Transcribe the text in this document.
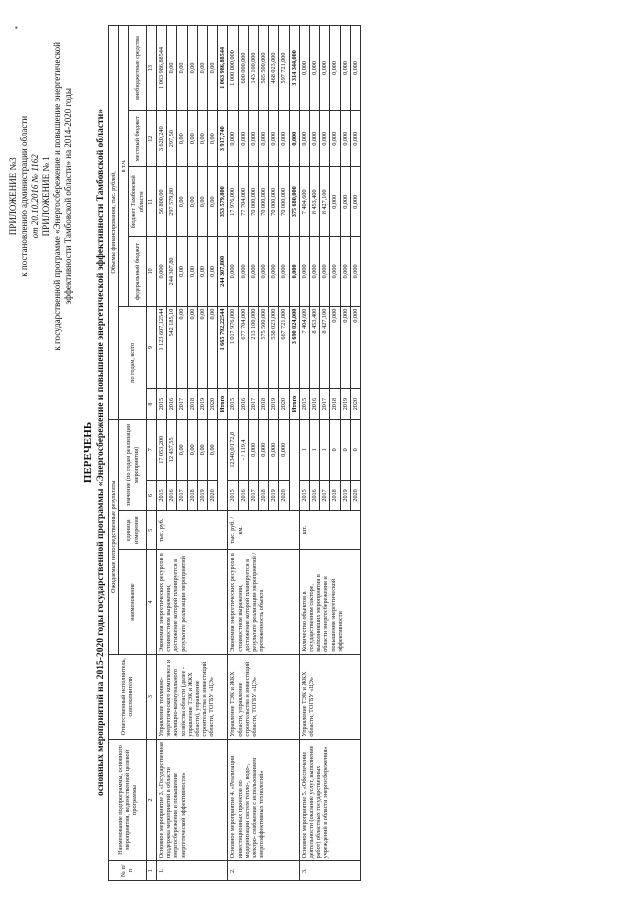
*
ПРИЛОЖЕНИЕ №3 к постановлению администрации области от 20.10.2016 № 1162 ПРИЛОЖЕНИЕ № 1 к государственной программе «Энергосбережение и повышение энергетической эффективности Тамбовской области» на 2014-2020 годы
ПЕРЕЧЕНЬ основных мероприятий на 2015-2020 годы государственной программы «Энергосбережение и повышение энергетической эффективности Тамбовской области»
№ п/п	Наименование подпрограммы, основного мероприятия, ведомственной целевой программы	Ответственный исполнитель, соисполнители	Ожидаемые непосредственные результаты				Объемы финансирования, тыс. рублей,					
			наименование	единица измерения	значение (по годам реализации мероприятия)		по годам, всего		в т.ч.			
									федеральный бюджет	бюджет Тамбовской области	местный бюджет	внебюджетные средства
1	2	3	4	5	6	7	8	9	10	11	12	13
1.	Основное мероприятие 3. «Государственная поддержка мероприятий в области энергосбережения и повышения энергетической эффективности»	Управление топливно-энергетического комплекса и жилищно-коммунального хозяйства области (далее - управление ТЭК и ЖКХ области), управление строительства и инвестиций области, ТОГБУ «ЦЭ»	Экономия энергетических ресурсов в стоимостном выражении, достижение которой планируется в результате реализации мероприятий	тыс. руб.	2015	17 053,200	2015	1 123 607,12544	0,000	56 800,00	3 620,240	1 063 986,88544
					2016	12 437,55	2016	542 185,10	244 307,80	297 579,80	297,50	0,00
					2017	0,00	2017	0,00	0,00	0,00	0,00	0,00
					2018	0,00	2018	0,00	0,00	0,00	0,00	0,00
					2019	0,00	2019	0,00	0,00	0,00	0,00	0,00
					2020	0,00	2020	0,00	0,00	0,00	0,00	0,00
							Итого	1 665 792,22544	244 307,800	353 579,800	3 917,740	1 063 986,88544
2.	Основное мероприятие 4. «Реализация инвестиционных проектов по модернизации систем тепло-, водо-, электро- снабжения с использованием энергоэффективных технологий»	Управление ТЭК и ЖКХ области, управление строительства и инвестиций области, ТОГБУ «ЦЭ»	Экономия энергетических ресурсов в стоимостном выражении, достижение которой планируется в результате реализации мероприятий / протяженность объекта	тыс. руб. /км.	2015	12340,0/172,8	2015	1 017 976,000	0,000	17 976,000	0,000	1 000 000,000
					2016	- / 119,4	2016	677 704,000	0,000	77 704,000	0,000	600 000,000
					2017	0,000	2017	213 100,000	0,000	70 000,000	0,000	143 100,000
					2018	0,000	2018	575 500,000	0,000	70 000,000	0,000	505 500,000
					2019	0,000	2019	538 023,000	0,000	70 000,000	0,000	468 023,000
					2020	0,000	2020	667 721,000	0,000	70 000,000	0,000	597 721,000
							Итого	3 690 024,000	0,000	375 680,000	0,000	3 314 344,000
3.	Основное мероприятие 5. «Обеспечение деятельности (оказание услуг, выполнение работ) областных государственных учреждений в области энергосбережения»	Управление ТЭК и ЖКХ области, ТОГБУ «ЦЭ»	Количество объектов в государственном секторе, выполнивших мероприятия в области энергосбережения и повышения энергетической эффективности	шт.	2015	1	2015	7 404,600	0,000	7 404,600	0,000	0,000
					2016	1	2016	8 453,400	0,000	8 453,400	0,000	0,000
					2017	1	2017	8 427,100	0,000	8 427,100	0,000	0,000
					2018	0	2018	0,000	0,000	0,000	0,000	0,000
					2019	0	2019	0,000	0,000	0,000	0,000	0,000
					2020	0	2020	0,000	0,000	0,000	0,000	0,000
